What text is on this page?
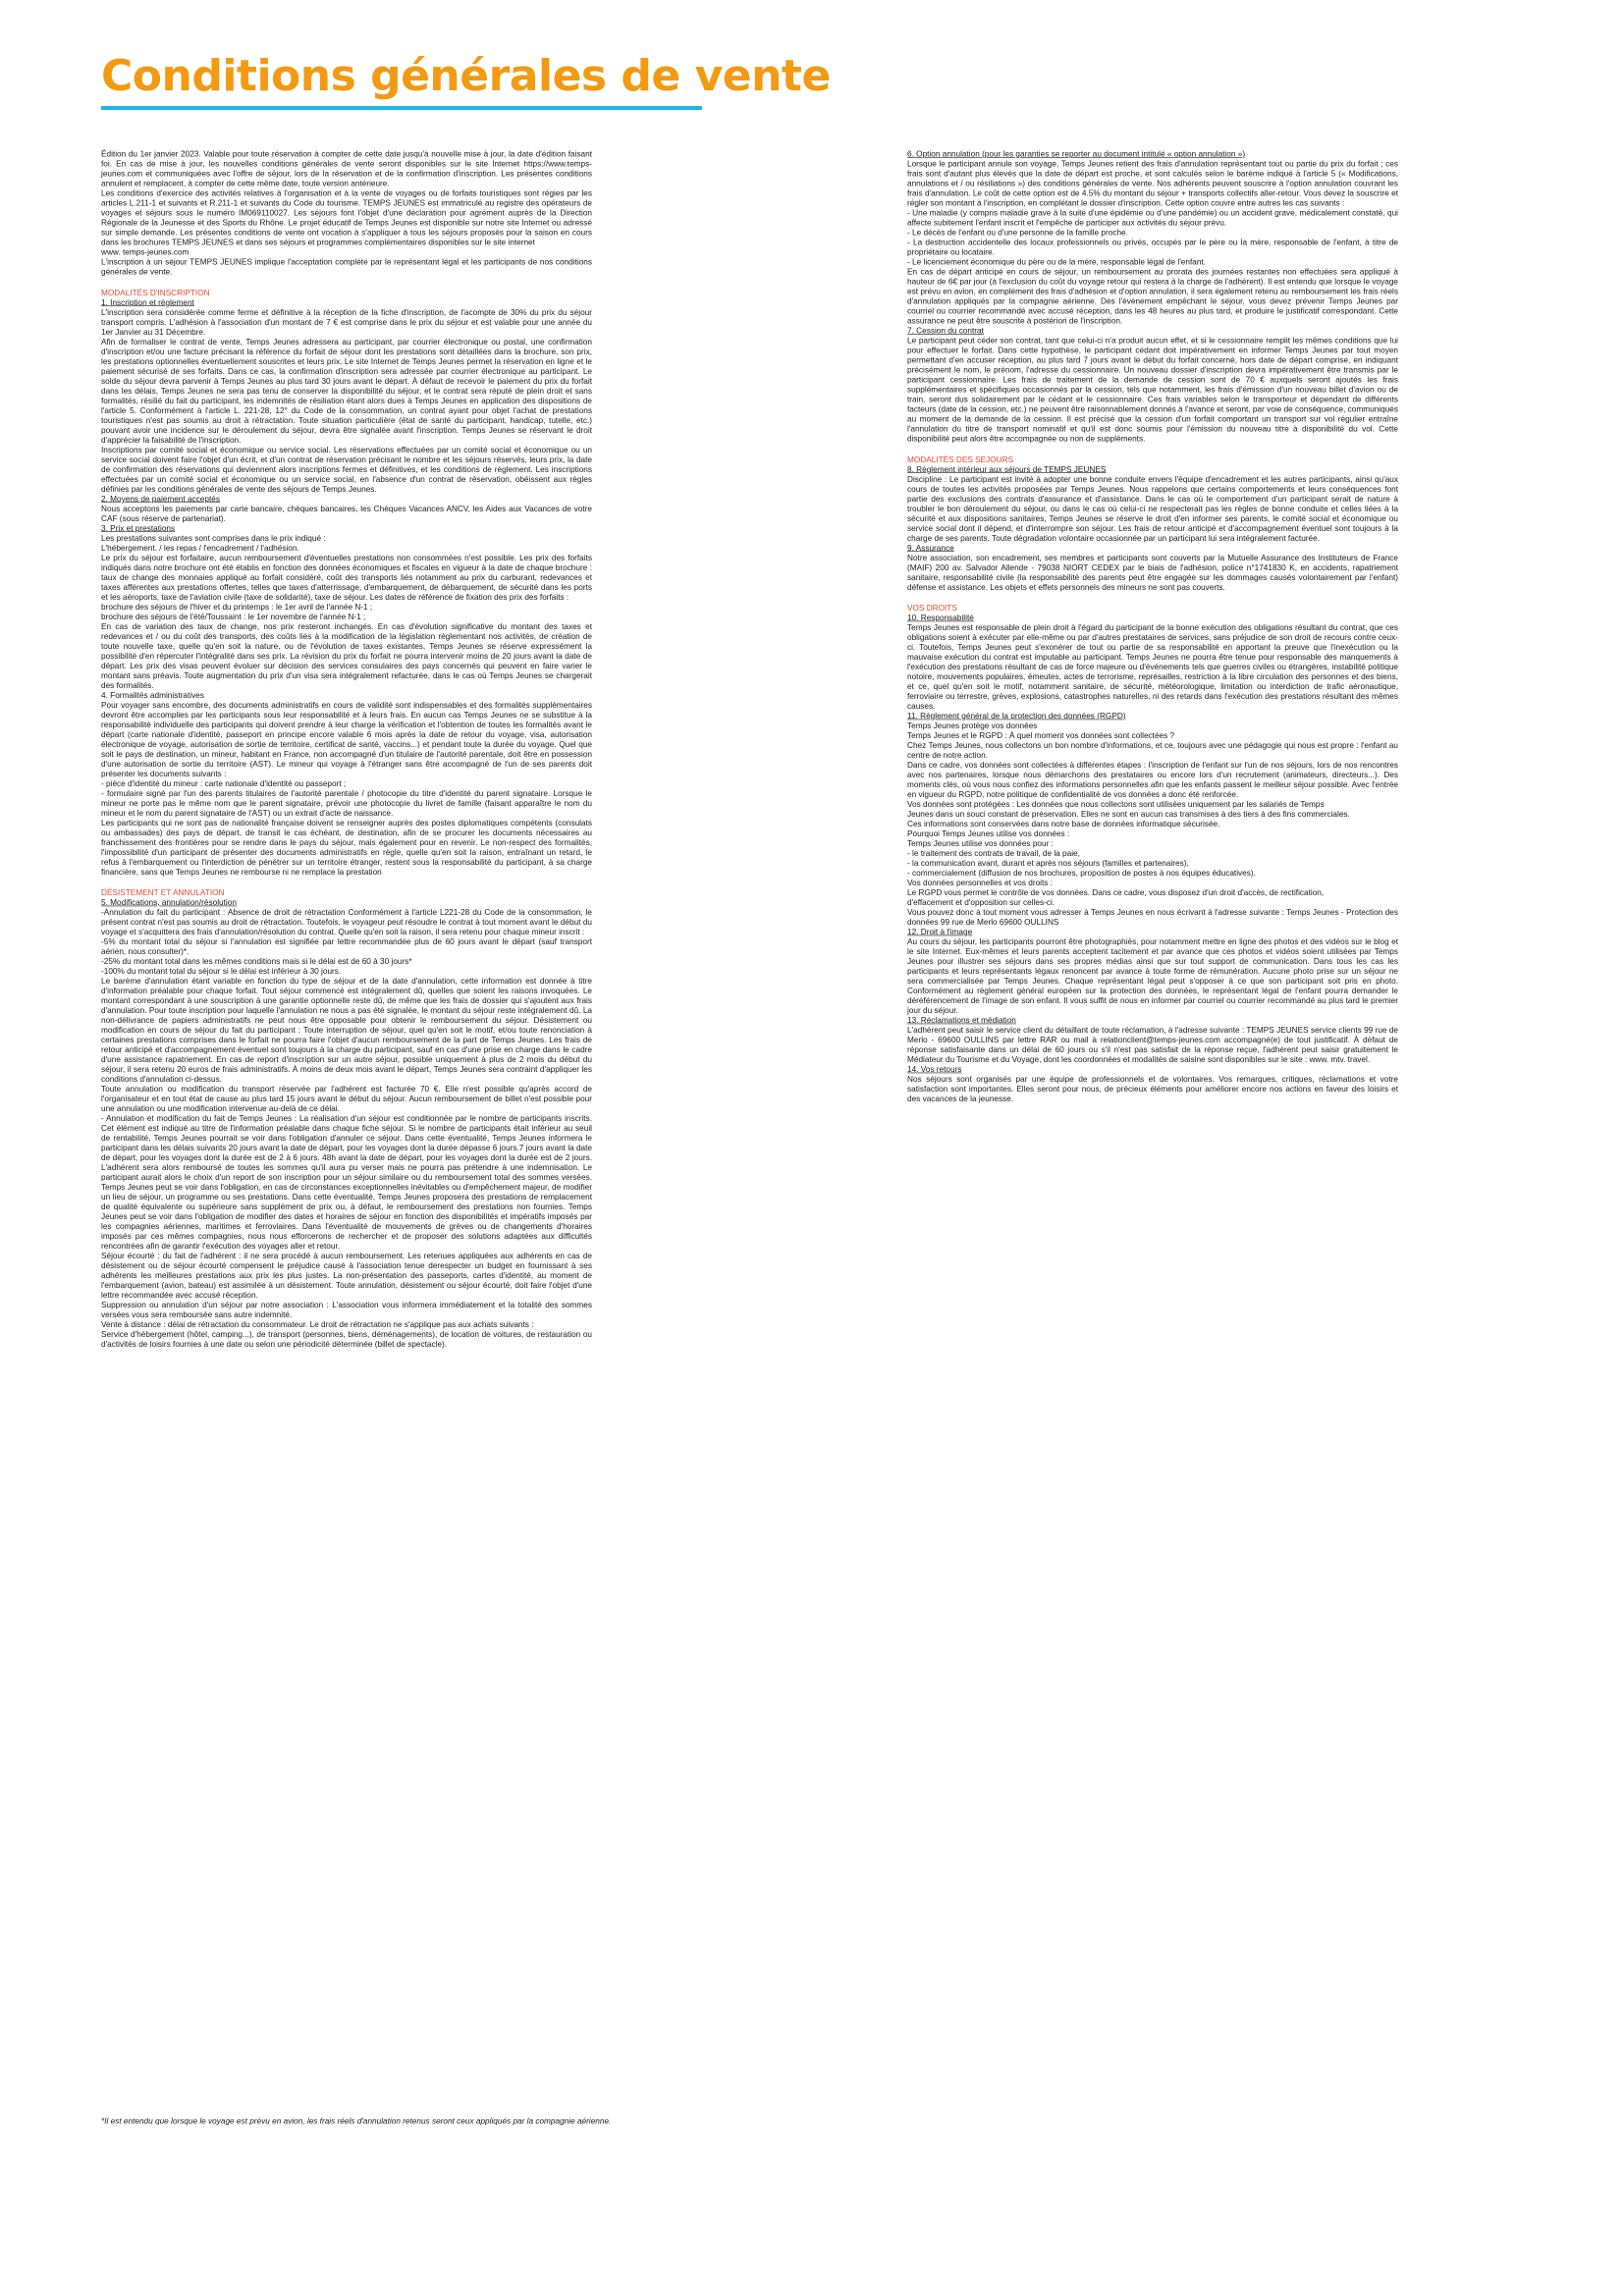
Conditions générales de vente

Édition du 1er janvier 2023. Valable pour toute réservation à compter de cette date jusqu'à nouvelle mise à jour, la date d'édition faisant foi. En cas de mise à jour, les nouvelles conditions générales de vente seront disponibles sur le site Internet https://www.temps-jeunes.com et communiquées avec l'offre de séjour, lors de la réservation et de la confirmation d'inscription. Les présentes conditions annulent et remplacent, à compter de cette même date, toute version antérieure.

Les conditions d'exercice des activités relatives à l'organisation et à la vente de voyages ou de forfaits touristiques sont régies par les articles L.211-1 et suivants et R.211-1 et suivants du Code du tourisme. TEMPS JEUNES est immatriculé au registre des opérateurs de voyages et séjours sous le numéro IM069110027. Les séjours font l'objet d'une déclaration pour agrément auprès de la Direction Régionale de la Jeunesse et des Sports du Rhône. Le projet éducatif de Temps Jeunes est disponible sur notre site Internet ou adressé sur simple demande. Les présentes conditions de vente ont vocation à s'appliquer à tous les séjours proposés pour la saison en cours dans les brochures TEMPS JEUNES et dans ses séjours et programmes complémentaires disponibles sur le site internet

www. temps-jeunes.com

L'inscription à un séjour TEMPS JEUNES implique l'acceptation complète par le représentant légal et les participants de nos conditions générales de vente.

MODALITÉS D'INSCRIPTION

1. Inscription et règlement

L'inscription sera considérée comme ferme et définitive à la réception de la fiche d'inscription, de l'acompte de 30% du prix du séjour transport compris. L'adhésion à l'association d'un montant de 7 € est comprise dans le prix du séjour et est valable pour une année du 1er Janvier au 31 Décembre.

Afin de formaliser le contrat de vente, Temps Jeunes adressera au participant, par courrier électronique ou postal, une confirmation d'inscription et/ou une facture précisant la référence du forfait de séjour dont les prestations sont détaillées dans la brochure, son prix, les prestations optionnelles éventuellement souscrites et leurs prix. Le site Internet de Temps Jeunes permet la réservation en ligne et le paiement sécurisé de ses forfaits. Dans ce cas, la confirmation d'inscription sera adressée par courrier électronique au participant. Le solde du séjour devra parvenir à Temps Jeunes au plus tard 30 jours avant le départ. À défaut de recevoir le paiement du prix du forfait dans les délais, Temps Jeunes ne sera pas tenu de conserver la disponibilité du séjour, et le contrat sera réputé de plein droit et sans formalités, résilié du fait du participant, les indemnités de résiliation étant alors dues à Temps Jeunes en application des dispositions de l'article 5. Conformément à l'article L. 221-28, 12° du Code de la consommation, un contrat ayant pour objet l'achat de prestations touristiques n'est pas soumis au droit à rétractation. Toute situation particulière (état de santé du participant, handicap, tutelle, etc.) pouvant avoir une incidence sur le déroulement du séjour, devra être signalée avant l'inscription. Temps Jeunes se réservant le droit d'apprécier la faisabilité de l'inscription.

Inscriptions par comité social et économique ou service social. Les réservations effectuées par un comité social et économique ou un service social doivent faire l'objet d'un écrit, et d'un contrat de réservation précisant le nombre et les séjours réservés, leurs prix, la date de confirmation des réservations qui deviennent alors inscriptions fermes et définitives, et les conditions de règlement. Les inscriptions effectuées par un comité social et économique ou un service social, en l'absence d'un contrat de réservation, obéissent aux règles définies par les conditions générales de vente des séjours de Temps Jeunes.

2. Moyens de paiement acceptés

Nous acceptons les paiements par carte bancaire, chèques bancaires, les Chèques Vacances ANCV, les Aides aux Vacances de votre CAF (sous réserve de partenariat).

3. Prix et prestations

Les prestations suivantes sont comprises dans le prix indiqué :

L'hébergement. / les repas / l'encadrement / l'adhésion.

Le prix du séjour est forfaitaire, aucun remboursement d'éventuelles prestations non consommées n'est possible. Les prix des forfaits indiqués dans notre brochure ont été établis en fonction des données économiques et fiscales en vigueur à la date de chaque brochure : taux de change des monnaies appliqué au forfait considéré, coût des transports liés notamment au prix du carburant, redevances et taxes afférentes aux prestations offertes, telles que taxes d'atterrissage, d'embarquement, de débarquement, de sécurité dans les ports et les aéroports, taxe de l'aviation civile (taxe de solidarité), taxe de séjour. Les dates de référence de fixation des prix des forfaits :

brochure des séjours de l'hiver et du printemps : le 1er avril de l'année N-1 ;

brochure des séjours de l'été/Toussaint : le 1er novembre de l'année N-1 ;

En cas de variation des taux de change, nos prix resteront inchangés. En cas d'évolution significative du montant des taxes et redevances et / ou du coût des transports, des coûts liés à la modification de la législation réglementant nos activités, de création de toute nouvelle taxe, quelle qu'en soit la nature, ou de l'évolution de taxes existantes, Temps Jeunes se réserve expressément la possibilité d'en répercuter l'intégralité dans ses prix. La révision du prix du forfait ne pourra intervenir moins de 20 jours avant la date de départ. Les prix des visas peuvent évoluer sur décision des services consulaires des pays concernés qui peuvent en faire varier le montant sans préavis. Toute augmentation du prix d'un visa sera intégralement refacturée, dans le cas où Temps Jeunes se chargerait des formalités.

4. Formalités administratives

Pour voyager sans encombre, des documents administratifs en cours de validité sont indispensables et des formalités supplémentaires devront être accomplies par les participants sous leur responsabilité et à leurs frais. En aucun cas Temps Jeunes ne se substitue à la responsabilité individuelle des participants qui doivent prendre à leur charge la vérification et l'obtention de toutes les formalités avant le départ (carte nationale d'identité, passeport en principe encore valable 6 mois après la date de retour du voyage, visa, autorisation électronique de voyage, autorisation de sortie de territoire, certificat de santé, vaccins...) et pendant toute la durée du voyage. Quel que soit le pays de destination, un mineur, habitant en France, non accompagné d'un titulaire de l'autorité parentale, doit être en possession d'une autorisation de sortie du territoire (AST). Le mineur qui voyage à l'étranger sans être accompagné de l'un de ses parents doit présenter les documents suivants :

- pièce d'identité du mineur : carte nationale d'identité ou passeport ;

- formulaire signé par l'un des parents titulaires de l'autorité parentale / photocopie du titre d'identité du parent signataire. Lorsque le mineur ne porte pas le même nom que le parent signataire, prévoir une photocopie du livret de famille (faisant apparaître le nom du mineur et le nom du parent signataire de l'AST) ou un extrait d'acte de naissance.

Les participants qui ne sont pas de nationalité française doivent se renseigner auprès des postes diplomatiques compétents (consulats ou ambassades) des pays de départ, de transit le cas échéant, de destination, afin de se procurer les documents nécessaires au franchissement des frontières pour se rendre dans le pays du séjour, mais également pour en revenir. Le non-respect des formalités, l'impossibilité d'un participant de présenter des documents administratifs en règle, quelle qu'en soit la raison, entraînant un retard, le refus à l'embarquement ou l'interdiction de pénétrer sur un territoire étranger, restent sous la responsabilité du participant, à sa charge financière, sans que Temps Jeunes ne rembourse ni ne remplace la prestation

DÉSISTEMENT ET ANNULATION

5. Modifications, annulation/résolution

-Annulation du fait du participant : Absence de droit de rétractation Conformément à l'article L221-28 du Code de la consommation, le présent contrat n'est pas soumis au droit de rétractation. Toutefois, le voyageur peut résoudre le contrat à tout moment avant le début du voyage et s'acquittera des frais d'annulation/résolution du contrat. Quelle qu'en soit la raison, il sera retenu pour chaque mineur inscrit :

-5% du montant total du séjour si l'annulation est signifiée par lettre recommandée plus de 60 jours avant le départ (sauf transport aérien, nous consulter)*.

-25% du montant total dans les mêmes conditions mais si le délai est de 60 à 30 jours*

-100% du montant total du séjour si le délai est inférieur à 30 jours.

Le barème d'annulation étant variable en fonction du type de séjour et de la date d'annulation, cette information est donnée à titre d'information préalable pour chaque forfait. Tout séjour commencé est intégralement dû, quelles que soient les raisons invoquées. Le montant correspondant à une souscription à une garantie optionnelle reste dû, de même que les frais de dossier qui s'ajoutent aux frais d'annulation. Pour toute inscription pour laquelle l'annulation ne nous a pas été signalée, le montant du séjour reste intégralement dû. La non-délivrance de papiers administratifs ne peut nous être opposable pour obtenir le remboursement du séjour. Désistement ou modification en cours de séjour du fait du participant : Toute interruption de séjour, quel qu'en soit le motif, et/ou toute renonciation à certaines prestations comprises dans le forfait ne pourra faire l'objet d'aucun remboursement de la part de Temps Jeunes. Les frais de retour anticipé et d'accompagnement éventuel sont toujours à la charge du participant, sauf en cas d'une prise en charge dans le cadre d'une assistance rapatriement. En cas de report d'inscription sur un autre séjour, possible uniquement à plus de 2 mois du début du séjour, il sera retenu 20 euros de frais administratifs. À moins de deux mois avant le départ, Temps Jeunes sera contraint d'appliquer les conditions d'annulation ci-dessus.

Toute annulation ou modification du transport réservée par l'adhérent est facturée 70 €. Elle n'est possible qu'après accord de l'organisateur et en tout état de cause au plus tard 15 jours avant le début du séjour. Aucun remboursement de billet n'est possible pour une annulation ou une modification intervenue au-delà de ce délai.

- Annulation et modification du fait de Temps Jeunes : La réalisation d'un séjour est conditionnée par le nombre de participants inscrits. Cet élément est indiqué au titre de l'information préalable dans chaque fiche séjour. Si le nombre de participants était inférieur au seuil de rentabilité, Temps Jeunes pourrait se voir dans l'obligation d'annuler ce séjour. Dans cette éventualité, Temps Jeunes informera le participant dans les délais suivants 20 jours avant la date de départ, pour les voyages dont la durée dépasse 6 jours.7 jours avant la date de départ, pour les voyages dont la durée est de 2 à 6 jours. 48h avant la date de départ, pour les voyages dont la durée est de 2 jours. L'adhérent sera alors remboursé de toutes les sommes qu'il aura pu verser mais ne pourra pas prétendre à une indemnisation. Le participant aurait alors le choix d'un report de son inscription pour un séjour similaire ou du remboursement total des sommes versées. Temps Jeunes peut se voir dans l'obligation, en cas de circonstances exceptionnelles inévitables ou d'empêchement majeur, de modifier un lieu de séjour, un programme ou ses prestations. Dans cette éventualité, Temps Jeunes proposera des prestations de remplacement de qualité équivalente ou supérieure sans supplément de prix ou, à défaut, le remboursement des prestations non fournies. Temps Jeunes peut se voir dans l'obligation de modifier des dates et horaires de séjour en fonction des disponibilités et impératifs imposés par les compagnies aériennes, maritimes et ferroviaires. Dans l'éventualité de mouvements de grèves ou de changements d'horaires imposés par ces mêmes compagnies, nous nous efforcerons de rechercher et de proposer des solutions adaptées aux difficultés rencontrées afin de garantir l'exécution des voyages aller et retour.

Séjour écourté : du fait de l'adhérent : il ne sera procédé à aucun remboursement. Les retenues appliquées aux adhérents en cas de désistement ou de séjour écourté compensent le préjudice causé à l'association tenue derespecter un budget en fournissant à ses adhérents les meilleures prestations aux prix les plus justes. La non-présentation des passeports, cartes d'identité, au moment de l'embarquement (avion, bateau) est assimilée à un désistement. Toute annulation, désistement ou séjour écourté, doit faire l'objet d'une lettre recommandée avec accusé réception.

Suppression ou annulation d'un séjour par notre association : L'association vous informera immédiatement et la totalité des sommes versées vous sera remboursée sans autre indemnité.

Vente à distance : délai de rétractation du consommateur. Le droit de rétractation ne s'applique pas aux achats suivants :

Service d'hébergement (hôtel, camping...), de transport (personnes, biens, déménagements), de location de voitures, de restauration ou d'activités de loisirs fournies à une date ou selon une périodicité déterminée (billet de spectacle).

6. Option annulation (pour les garanties se reporter au document intitulé « option annulation »)

Lorsque le participant annule son voyage, Temps Jeunes retient des frais d'annulation représentant tout ou partie du prix du forfait ; ces frais sont d'autant plus élevés que la date de départ est proche, et sont calculés selon le barème indiqué à l'article 5 (« Modifications, annulations et / ou résiliations ») des conditions générales de vente. Nos adhérents peuvent souscrire à l'option annulation couvrant les frais d'annulation. Le coût de cette option est de 4.5% du montant du séjour + transports collectifs aller-retour. Vous devez la souscrire et régler son montant à l'inscription, en complétant le dossier d'inscription. Cette option couvre entre autres les cas suivants :

- Une maladie (y compris maladie grave à la suite d'une épidémie ou d'une pandémie) ou un accident grave, médicalement constaté, qui affecte subitement l'enfant inscrit et l'empêche de participer aux activités du séjour prévu.

- Le décès de l'enfant ou d'une personne de la famille proche.

- La destruction accidentelle des locaux professionnels ou privés, occupés par le père ou la mère, responsable de l'enfant, à titre de propriétaire ou locataire.

- Le licenciement économique du père ou de la mère, responsable légal de l'enfant.

En cas de départ anticipé en cours de séjour, un remboursement au prorata des journées restantes non effectuées sera appliqué à hauteur de 6€ par jour (à l'exclusion du coût du voyage retour qui restera à la charge de l'adhérent). Il est entendu que lorsque le voyage est prévu en avion, en complément des frais d'adhésion et d'option annulation, il sera également retenu au remboursement les frais réels d'annulation appliqués par la compagnie aérienne. Dès l'événement empêchant le séjour, vous devez prévenir Temps Jeunes par courriel ou courrier recommandé avec accusé réception, dans les 48 heures au plus tard, et produire le justificatif correspondant. Cette assurance ne peut être souscrite à postériori de l'inscription.

7. Cession du contrat

Le participant peut céder son contrat, tant que celui-ci n'a produit aucun effet, et si le cessionnaire remplit les mêmes conditions que lui pour effectuer le forfait. Dans cette hypothèse, le participant cédant doit impérativement en informer Temps Jeunes par tout moyen permettant d'en accuser réception, au plus tard 7 jours avant le début du forfait concerné, hors date de départ comprise, en indiquant précisément le nom, le prénom, l'adresse du cessionnaire. Un nouveau dossier d'inscription devra impérativement être transmis par le participant cessionnaire. Les frais de traitement de la demande de cession sont de 70 € auxquels seront ajoutés les frais supplémentaires et spécifiques occasionnés par la cession, tels que notamment, les frais d'émission d'un nouveau billet d'avion ou de train, seront dus solidairement par le cédant et le cessionnaire. Ces frais variables selon le transporteur et dépendant de différents facteurs (date de la cession, etc.) ne peuvent être raisonnablement donnés à l'avance et seront, par voie de conséquence, communiqués au moment de la demande de la cession. Il est précisé que la cession d'un forfait comportant un transport sur vol régulier entraîne l'annulation du titre de transport nominatif et qu'il est donc soumis pour l'émission du nouveau titre à disponibilité du vol. Cette disponibilité peut alors être accompagnée ou non de suppléments.

MODALITÉS DES SEJOURS

8. Règlement intérieur aux séjours de TEMPS JEUNES

Discipline : Le participant est invité à adopter une bonne conduite envers l'équipe d'encadrement et les autres participants, ainsi qu'aux cours de toutes les activités proposées par Temps Jeunes. Nous rappelons que certains comportements et leurs conséquences font partie des exclusions des contrats d'assurance et d'assistance. Dans le cas où le comportement d'un participant serait de nature à troubler le bon déroulement du séjour, ou dans le cas où celui-ci ne respecterait pas les règles de bonne conduite et celles liées à la sécurité et aux dispositions sanitaires, Temps Jeunes se réserve le droit d'en informer ses parents, le comité social et économique ou service social dont il dépend, et d'interrompre son séjour. Les frais de retour anticipé et d'accompagnement éventuel sont toujours à la charge de ses parents. Toute dégradation volontaire occasionnée par un participant lui sera intégralement facturée.

9. Assurance

Notre association, son encadrement, ses membres et participants sont couverts par la Mutuelle Assurance des Instituteurs de France (MAIF) 200 av. Salvador Allende - 79038 NIORT CEDEX par le biais de l'adhésion, police n°1741830 K, en accidents, rapatriement sanitaire, responsabilité civile (la responsabilité des parents peut être engagée sur les dommages causés volontairement par l'enfant) défense et assistance. Les objets et effets personnels des mineurs ne sont pas couverts.

VOS DROITS

10. Responsabilité

Temps Jeunes est responsable de plein droit à l'égard du participant de la bonne exécution des obligations résultant du contrat, que ces obligations soient à exécuter par elle-même ou par d'autres prestataires de services, sans préjudice de son droit de recours contre ceux-ci. Toutefois, Temps Jeunes peut s'exonérer de tout ou partie de sa responsabilité en apportant la preuve que l'inexécution ou la mauvaise exécution du contrat est imputable au participant. Temps Jeunes ne pourra être tenue pour responsable des manquements à l'exécution des prestations résultant de cas de force majeure ou d'événements tels que guerres civiles ou étrangères, instabilité politique notoire, mouvements populaires, émeutes, actes de terrorisme, représailles, restriction à la libre circulation des personnes et des biens, et ce, quel qu'en soit le motif, notamment sanitaire, de sécurité, météorologique, limitation ou interdiction de trafic aéronautique, ferroviaire ou terrestre, grèves, explosions, catastrophes naturelles, ni des retards dans l'exécution des prestations résultant des mêmes causes.

11. Règlement général de la protection des données (RGPD)

Temps Jeunes protège vos données

Temps Jeunes et le RGPD : À quel moment vos données sont collectées ?

Chez Temps Jeunes, nous collectons un bon nombre d'informations, et ce, toujours avec une pédagogie qui nous est propre : l'enfant au centre de notre action.

Dans ce cadre, vos données sont collectées à différentes étapes : l'inscription de l'enfant sur l'un de nos séjours, lors de nos rencontres avec nos partenaires, lorsque nous démarchons des prestataires ou encore lors d'un recrutement (animateurs, directeurs...). Des moments clés, où vous nous confiez des informations personnelles afin que les enfants passent le meilleur séjour possible. Avec l'entrée en vigueur du RGPD, notre politique de confidentialité de vos données a donc été renforcée.

Vos données sont protégées : Les données que nous collectons sont utilisées uniquement par les salariés de Temps

Jeunes dans un souci constant de préservation. Elles ne sont en aucun cas transmises à des tiers à des fins commerciales.

Ces informations sont conservées dans notre base de données informatique sécurisée.

Pourquoi Temps Jeunes utilise vos données :

Temps Jeunes utilise vos données pour :

- le traitement des contrats de travail, de la paie,

- la communication avant, durant et après nos séjours (familles et partenaires),

- commercialement (diffusion de nos brochures, proposition de postes à nos équipes éducatives).

Vos données personnelles et vos droits :

Le RGPD vous permet le contrôle de vos données. Dans ce cadre, vous disposez d'un droit d'accès, de rectification,

d'effacement et d'opposition sur celles-ci.

Vous pouvez donc à tout moment vous adresser à Temps Jeunes en nous écrivant à l'adresse suivante : Temps Jeunes - Protection des données 99 rue de Merlo 69600 OULLINS

12. Droit à l'image

Au cours du séjour, les participants pourront être photographiés, pour notamment mettre en ligne des photos et des vidéos sur le blog et le site Internet. Eux-mêmes et leurs parents acceptent tacitement et par avance que ces photos et vidéos soient utilisées par Temps Jeunes pour illustrer ses séjours dans ses propres médias ainsi que sur tout support de communication. Dans tous les cas les participants et leurs représentants légaux renoncent par avance à toute forme de rémunération. Aucune photo prise sur un séjour ne sera commercialisée par Temps Jeunes. Chaque représentant légal peut s'opposer à ce que son participant soit pris en photo. Conformément au règlement général européen sur la protection des données, le représentant légal de l'enfant pourra demander le déréférencement de l'image de son enfant. Il vous suffit de nous en informer par courriel ou courrier recommandé au plus tard le premier jour du séjour.

13. Réclamations et médiation

L'adhérent peut saisir le service client du détaillant de toute réclamation, à l'adresse suivante : TEMPS JEUNES service clients 99 rue de Merlo - 69600 OULLINS par lettre RAR ou mail à relationclient@temps-jeunes.com accompagné(e) de tout justificatif. À défaut de réponse satisfaisante dans un délai de 60 jours ou s'il n'est pas satisfait de la réponse reçue, l'adhérent peut saisir gratuitement le Médiateur du Tourisme et du Voyage, dont les coordonnées et modalités de saisine sont disponibles sur le site : www. mtv. travel.

14. Vos retours

Nos séjours sont organisés par une équipe de professionnels et de volontaires. Vos remarques, critiques, réclamations et votre satisfaction sont importantes. Elles seront pour nous, de précieux éléments pour améliorer encore nos actions en faveur des loisirs et des vacances de la jeunesse.

*Il est entendu que lorsque le voyage est prévu en avion, les frais réels d'annulation retenus seront ceux appliqués par la compagnie aérienne.
